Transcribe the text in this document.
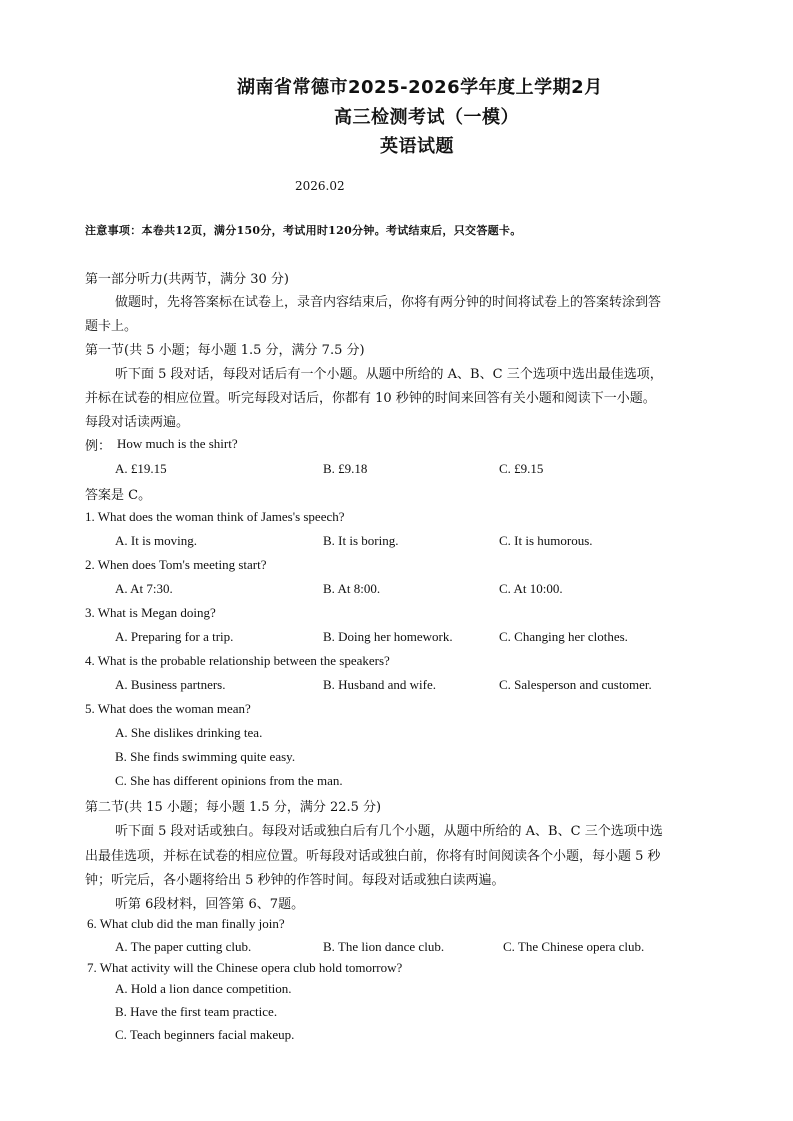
湖南省常德市2025-2026学年度上学期2月
高三检测考试（一模）
英语试题
2026.02
注意事项：本卷共12页，满分150分，考试用时120分钟。考试结束后，只交答题卡。
第一部分听力(共两节，满分 30 分)
做题时，先将答案标在试卷上，录音内容结束后，你将有两分钟的时间将试卷上的答案转涂到答
题卡上。
第一节(共 5 小题；每小题 1.5 分，满分 7.5 分)
听下面 5 段对话，每段对话后有一个小题。从题中所给的 A、B、C 三个选项中选出最佳选项，
并标在试卷的相应位置。听完每段对话后，你都有 10 秒钟的时间来回答有关小题和阅读下一小题。
每段对话读两遍。
例： How much is the shirt?
A. £19.15	B. £9.18	C. £9.15
答案是 C。
1. What does the woman think of James's speech?
A. It is moving.	B. It is boring.	C. It is humorous.
2. When does Tom's meeting start?
A. At 7:30.	B. At 8:00.	C. At 10:00.
3. What is Megan doing?
A. Preparing for a trip.	B. Doing her homework.	C. Changing her clothes.
4. What is the probable relationship between the speakers?
A. Business partners.	B. Husband and wife.	C. Salesperson and customer.
5. What does the woman mean?
A. She dislikes drinking tea.
B. She finds swimming quite easy.
C. She has different opinions from the man.
第二节(共 15 小题；每小题 1.5 分，满分 22.5 分)
听下面 5 段对话或独白。每段对话或独白后有几个小题，从题中所给的 A、B、C 三个选项中选
出最佳选项，并标在试卷的相应位置。听每段对话或独白前，你将有时间阅读各个小题，每小题 5 秒
钟；听完后，各小题将给出 5 秒钟的作答时间。每段对话或独白读两遍。
听第 6段材料，回答第 6、7题。
6. What club did the man finally join?
A. The paper cutting club.	B. The lion dance club.	C. The Chinese opera club.
7. What activity will the Chinese opera club hold tomorrow?
A. Hold a lion dance competition.
B. Have the first team practice.
C. Teach beginners facial makeup.
